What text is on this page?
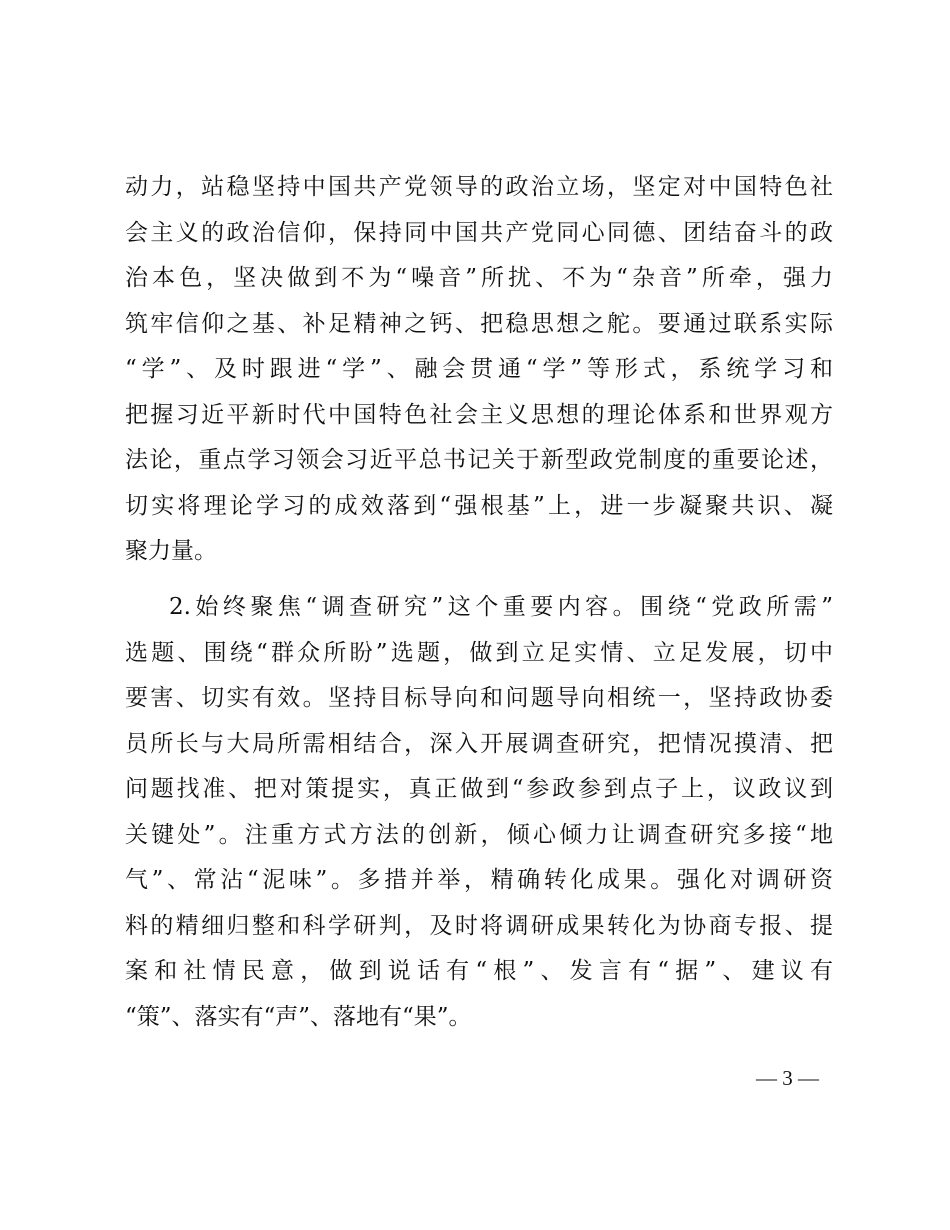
动力，站稳坚持中国共产党领导的政治立场，坚定对中国特色社
会主义的政治信仰，保持同中国共产党同心同德、团结奋斗的政
治本色，坚决做到不为“噪音”所扰、不为“杂音”所牵，强力
筑牢信仰之基、补足精神之钙、把稳思想之舵。要通过联系实际
“学”、及时跟进“学”、融会贯通“学”等形式，系统学习和
把握习近平新时代中国特色社会主义思想的理论体系和世界观方
法论，重点学习领会习近平总书记关于新型政党制度的重要论述，
切实将理论学习的成效落到“强根基”上，进一步凝聚共识、凝
聚力量。
2.始终聚焦“调查研究”这个重要内容。围绕“党政所需”
选题、围绕“群众所盼”选题，做到立足实情、立足发展，切中
要害、切实有效。坚持目标导向和问题导向相统一，坚持政协委
员所长与大局所需相结合，深入开展调查研究，把情况摸清、把
问题找准、把对策提实，真正做到“参政参到点子上，议政议到
关键处”。注重方式方法的创新，倾心倾力让调查研究多接“地
气”、常沾“泥味”。多措并举，精确转化成果。强化对调研资
料的精细归整和科学研判，及时将调研成果转化为协商专报、提
案和社情民意，做到说话有“根”、发言有“据”、建议有
“策”、落实有“声”、落地有“果”。
— 3 —
